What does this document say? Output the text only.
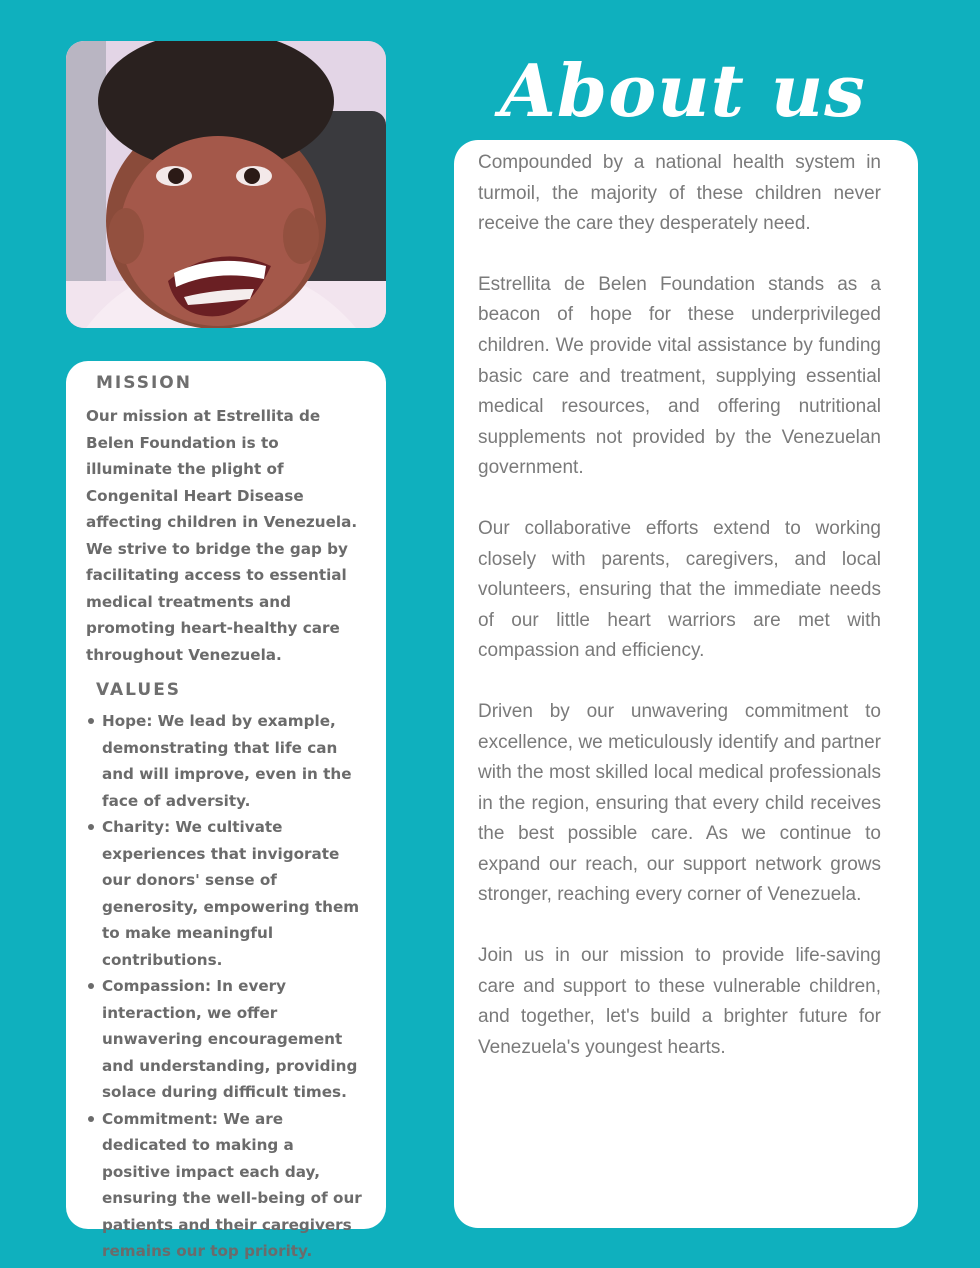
MISSION

Our mission at Estrellita de Belen Foundation is to illuminate the plight of Congenital Heart Disease affecting children in Venezuela. We strive to bridge the gap by facilitating access to essential medical treatments and promoting heart-healthy care throughout Venezuela.

VALUES
Hope: We lead by example, demonstrating that life can and will improve, even in the face of adversity.
Charity: We cultivate experiences that invigorate our donors' sense of generosity, empowering them to make meaningful contributions.
Compassion: In every interaction, we offer unwavering encouragement and understanding, providing solace during difficult times.
Commitment: We are dedicated to making a positive impact each day, ensuring the well-being of our patients and their caregivers remains our top priority.
About us

Compounded by a national health system in turmoil, the majority of these children never receive the care they desperately need.

Estrellita de Belen Foundation stands as a beacon of hope for these underprivileged children. We provide vital assistance by funding basic care and treatment, supplying essential medical resources, and offering nutritional supplements not provided by the Venezuelan government.

Our collaborative efforts extend to working closely with parents, caregivers, and local volunteers, ensuring that the immediate needs of our little heart warriors are met with compassion and efficiency.

Driven by our unwavering commitment to excellence, we meticulously identify and partner with the most skilled local medical professionals in the region, ensuring that every child receives the best possible care. As we continue to expand our reach, our support network grows stronger, reaching every corner of Venezuela.

Join us in our mission to provide life-saving care and support to these vulnerable children, and together, let's build a brighter future for Venezuela's youngest hearts.
